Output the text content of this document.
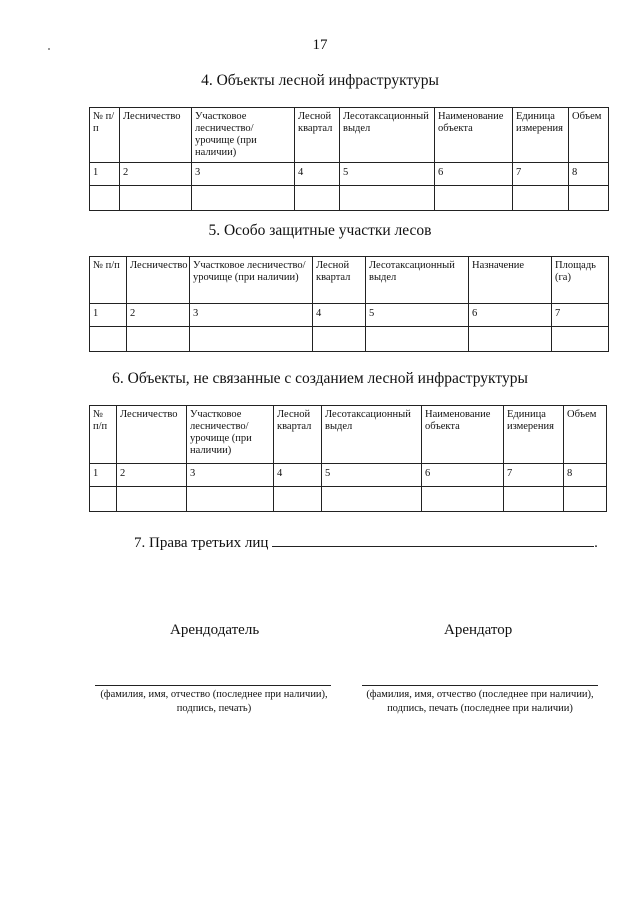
17
4. Объекты лесной инфраструктуры
№ п/п	Лесничество	Участковое лесничество/урочище (при наличии)	Лесной квартал	Лесотаксационный выдел	Наименование объекта	Единица измерения	Объем
1	2	3	4	5	6	7	8

5. Особо защитные участки лесов
№ п/п	Лесничество	Участковое лесничество/урочище (при наличии)	Лесной квартал	Лесотаксационный выдел	Назначение	Площадь (га)
1	2	3	4	5	6	7

6. Объекты, не связанные с созданием лесной инфраструктуры
№ п/п	Лесничество	Участковое лесничество/ урочище (при наличии)	Лесной квартал	Лесотаксационный выдел	Наименование объекта	Единица измерения	Объем
1	2	3	4	5	6	7	8

7. Права третьих лиц	.
Арендодатель	Арендатор
(фамилия, имя, отчество (последнее при наличии),
подпись, печать)
(фамилия, имя, отчество (последнее при наличии),
подпись, печать (последнее при наличии)
